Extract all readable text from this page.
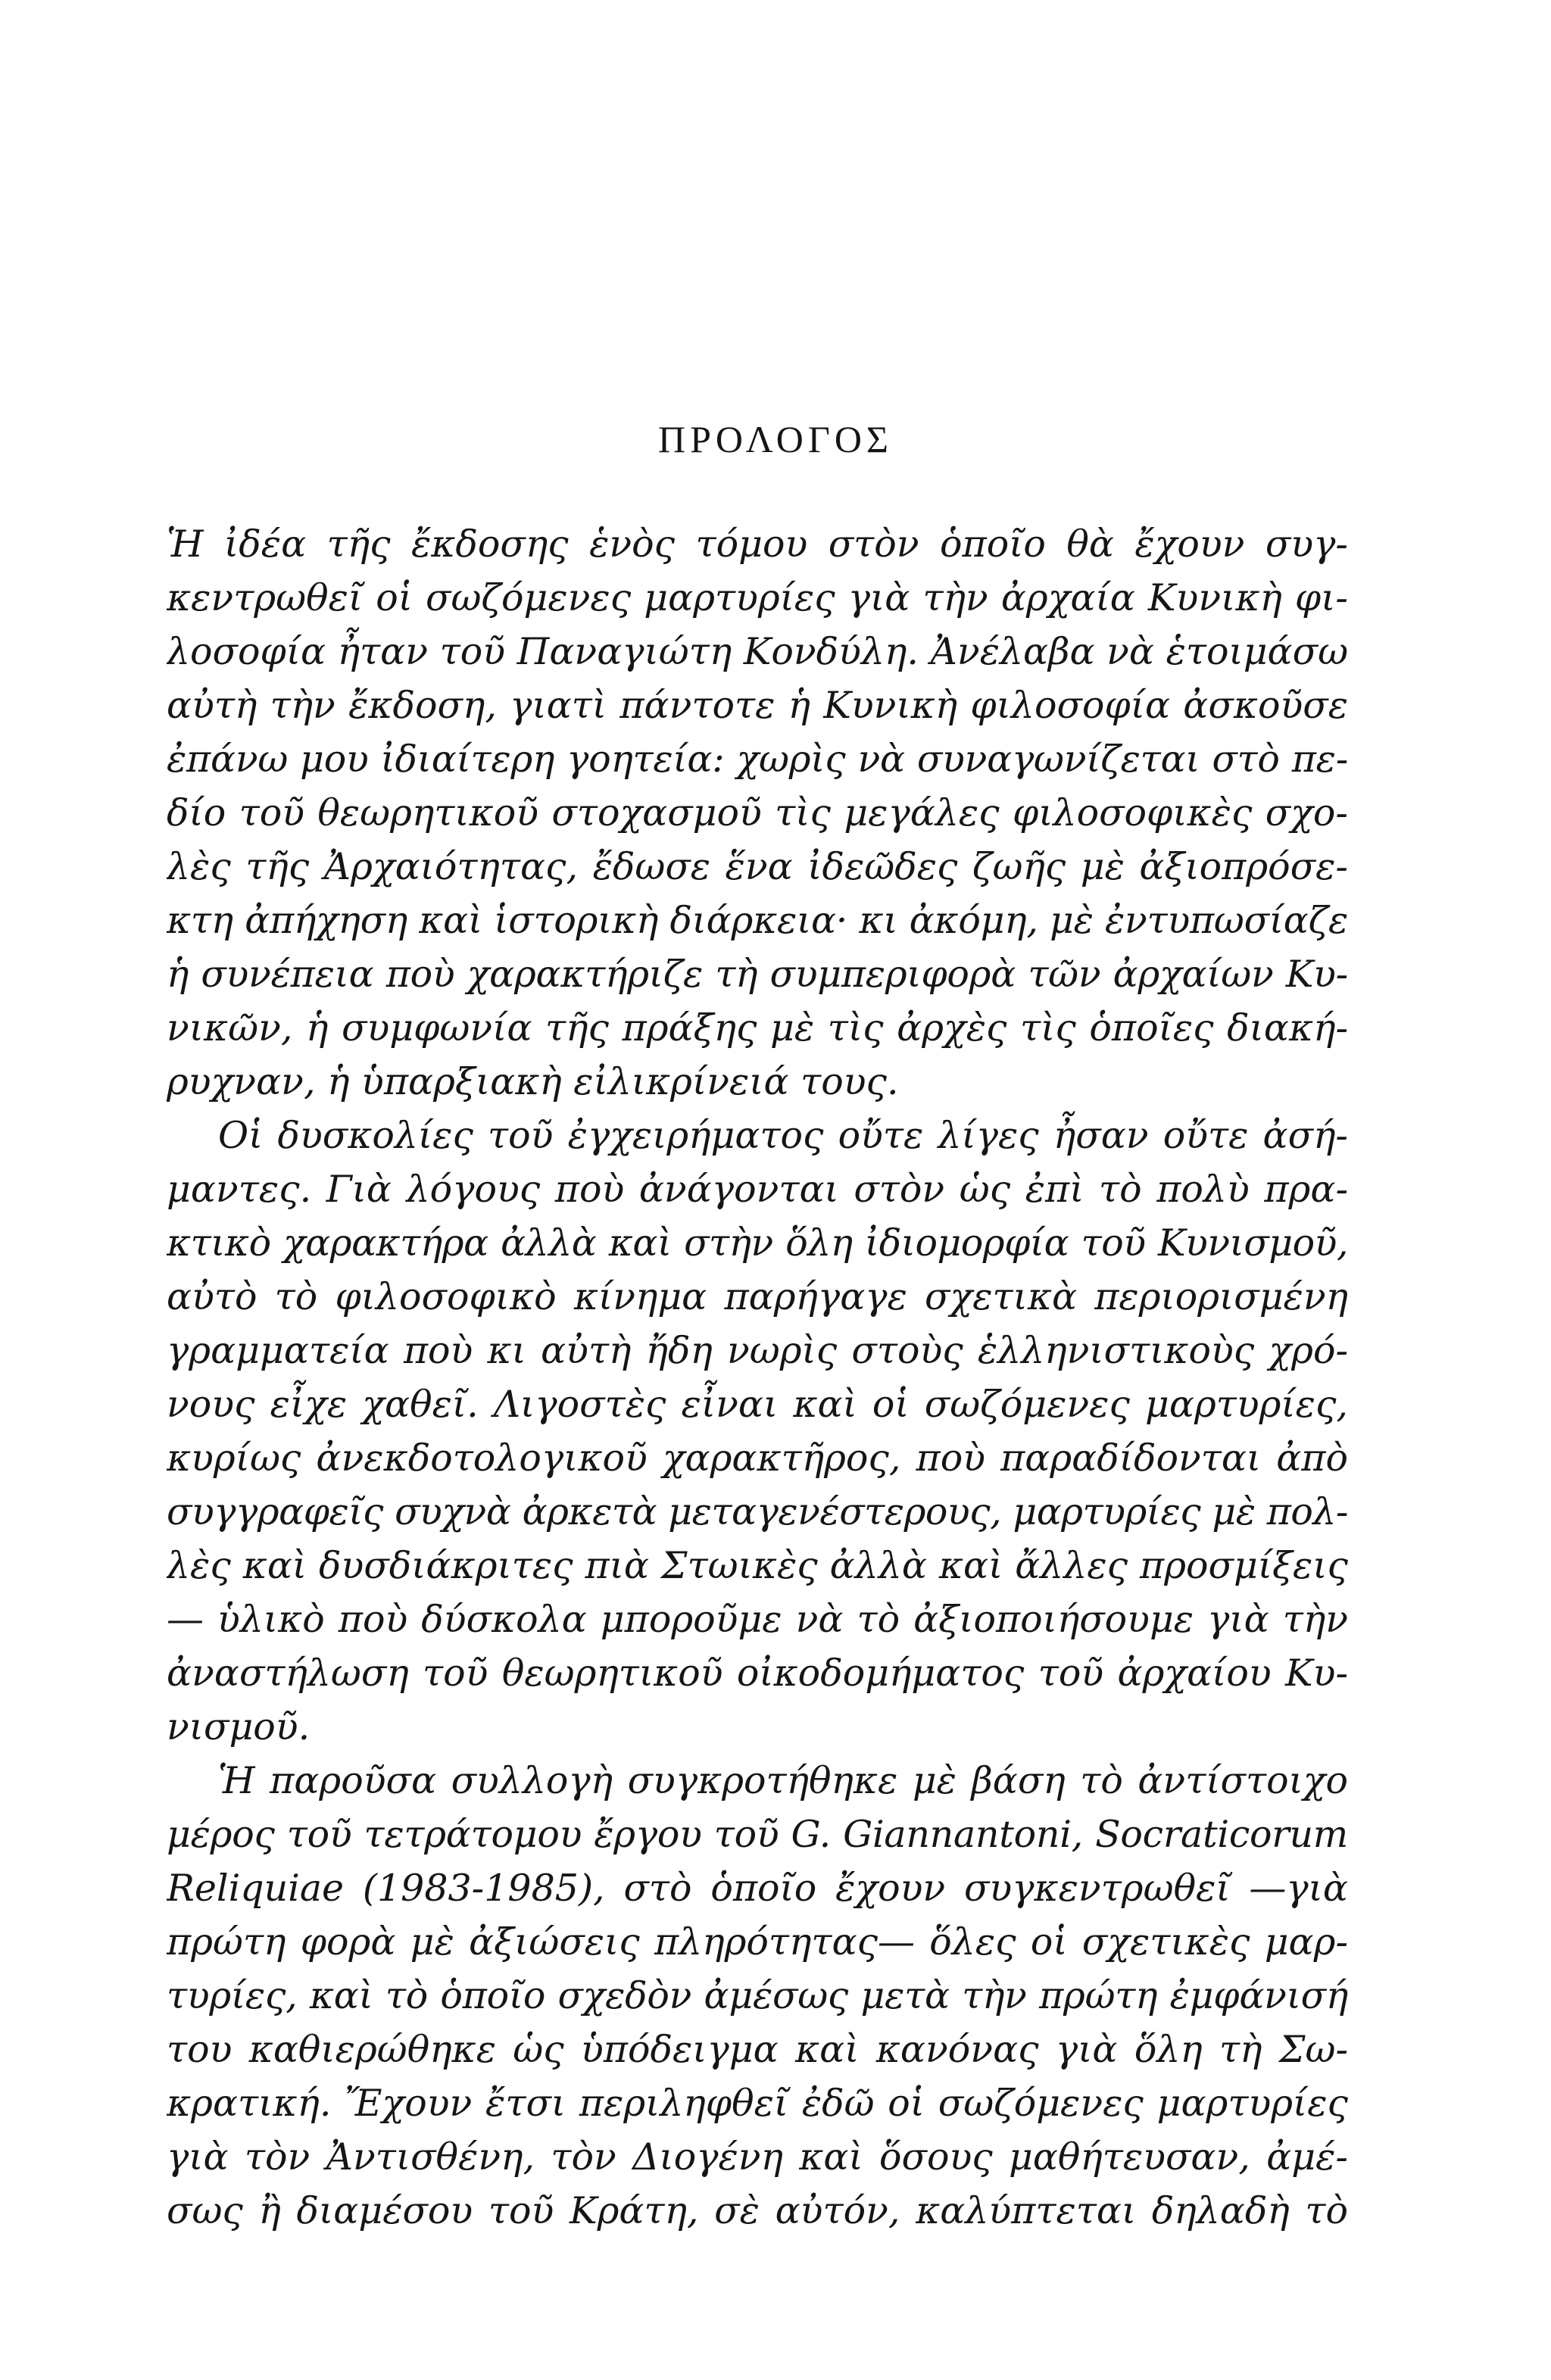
ΠΡΟΛΟΓΟΣ
Ἡ ἰδέα τῆς ἔκδοσης ἑνὸς τόμου στὸν ὁποῖο θὰ ἔχουν συγ-
κεντρωθεῖ οἱ σωζόμενες μαρτυρίες γιὰ τὴν ἀρχαία Κυνικὴ φι-
λοσοφία ἦταν τοῦ Παναγιώτη Κονδύλη. Ἀνέλαβα νὰ ἑτοιμάσω
αὐτὴ τὴν ἔκδοση, γιατὶ πάντοτε ἡ Κυνικὴ φιλοσοφία ἀσκοῦσε
ἐπάνω μου ἰδιαίτερη γοητεία: χωρὶς νὰ συναγωνίζεται στὸ πε-
δίο τοῦ θεωρητικοῦ στοχασμοῦ τὶς μεγάλες φιλοσοφικὲς σχο-
λὲς τῆς Ἀρχαιότητας, ἔδωσε ἕνα ἰδεῶδες ζωῆς μὲ ἀξιοπρόσε-
κτη ἀπήχηση καὶ ἱστορικὴ διάρκεια· κι ἀκόμη, μὲ ἐντυπωσίαζε
ἡ συνέπεια ποὺ χαρακτήριζε τὴ συμπεριφορὰ τῶν ἀρχαίων Κυ-
νικῶν, ἡ συμφωνία τῆς πράξης μὲ τὶς ἀρχὲς τὶς ὁποῖες διακή-
ρυχναν, ἡ ὑπαρξιακὴ εἰλικρίνειά τους.
Οἱ δυσκολίες τοῦ ἐγχειρήματος οὔτε λίγες ἦσαν οὔτε ἀσή-
μαντες. Γιὰ λόγους ποὺ ἀνάγονται στὸν ὡς ἐπὶ τὸ πολὺ πρα-
κτικὸ χαρακτήρα ἀλλὰ καὶ στὴν ὅλη ἰδιομορφία τοῦ Κυνισμοῦ,
αὐτὸ τὸ φιλοσοφικὸ κίνημα παρήγαγε σχετικὰ περιορισμένη
γραμματεία ποὺ κι αὐτὴ ἤδη νωρὶς στοὺς ἑλληνιστικοὺς χρό-
νους εἶχε χαθεῖ. Λιγοστὲς εἶναι καὶ οἱ σωζόμενες μαρτυρίες,
κυρίως ἀνεκδοτολογικοῦ χαρακτῆρος, ποὺ παραδίδονται ἀπὸ
συγγραφεῖς συχνὰ ἀρκετὰ μεταγενέστερους, μαρτυρίες μὲ πολ-
λὲς καὶ δυσδιάκριτες πιὰ Στωικὲς ἀλλὰ καὶ ἄλλες προσμίξεις
— ὑλικὸ ποὺ δύσκολα μποροῦμε νὰ τὸ ἀξιοποιήσουμε γιὰ τὴν
ἀναστήλωση τοῦ θεωρητικοῦ οἰκοδομήματος τοῦ ἀρχαίου Κυ-
νισμοῦ.
Ἡ παροῦσα συλλογὴ συγκροτήθηκε μὲ βάση τὸ ἀντίστοιχο
μέρος τοῦ τετράτομου ἔργου τοῦ G. Giannantoni, Socraticorum
Reliquiae (1983-1985), στὸ ὁποῖο ἔχουν συγκεντρωθεῖ —γιὰ
πρώτη φορὰ μὲ ἀξιώσεις πληρότητας— ὅλες οἱ σχετικὲς μαρ-
τυρίες, καὶ τὸ ὁποῖο σχεδὸν ἀμέσως μετὰ τὴν πρώτη ἐμφάνισή
του καθιερώθηκε ὡς ὑπόδειγμα καὶ κανόνας γιὰ ὅλη τὴ Σω-
κρατική. Ἔχουν ἔτσι περιληφθεῖ ἐδῶ οἱ σωζόμενες μαρτυρίες
γιὰ τὸν Ἀντισθένη, τὸν Διογένη καὶ ὅσους μαθήτευσαν, ἀμέ-
σως ἢ διαμέσου τοῦ Κράτη, σὲ αὐτόν, καλύπτεται δηλαδὴ τὸ
